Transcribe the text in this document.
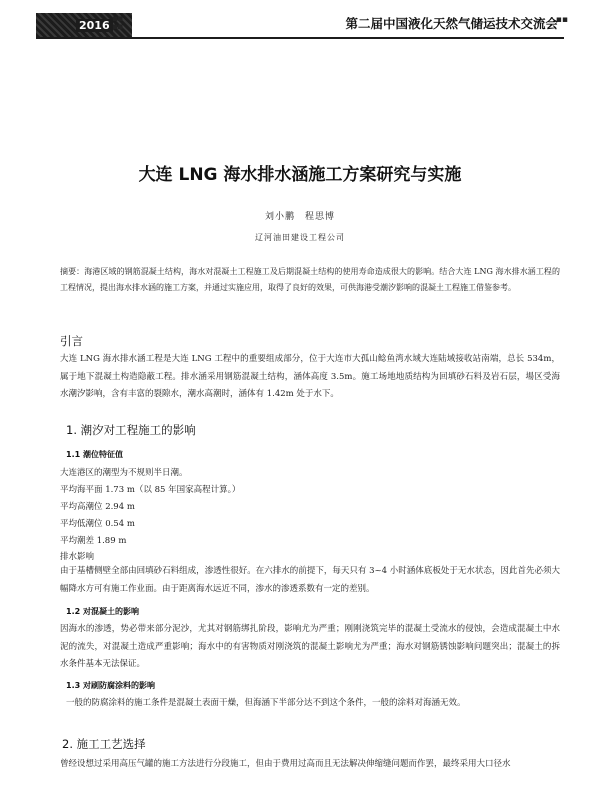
2016 ▪▪
▪▪	第二届中国液化天然气储运技术交流会
▪▪
大连 LNG 海水排水涵施工方案研究与实施
刘小鹏　程思博
辽河油田建设工程公司
摘要：海港区域的钢筋混凝土结构，海水对混凝土工程施工及后期混凝土结构的使用寿命造成很大的影响。结合大连 LNG 海水排水涵工程的工程情况，提出海水排水涵的施工方案，并通过实施应用，取得了良好的效果，可供海港受潮汐影响的混凝土工程施工借鉴参考。
引言
大连 LNG 海水排水涵工程是大连 LNG 工程中的重要组成部分，位于大连市大孤山鲶鱼湾水域大连陆域接收站南端，总长 534m，属于地下混凝土构造隐蔽工程。排水涵采用钢筋混凝土结构，涵体高度 3.5m。施工场地地质结构为回填砂石料及岩石层，場区受海水潮汐影响，含有丰富的裂隙水，潮水高潮时，涵体有 1.42m 处于水下。
1. 潮汐对工程施工的影响
1.1 潮位特征值
大连港区的潮型为不规则半日潮。
平均海平面 1.73 m（以 85 年国家高程计算。）
平均高潮位 2.94 m
平均低潮位 0.54 m
平均潮差 1.89 m
排水影响
由于基槽侧壁全部由回填砂石料组成，渗透性很好。在六排水的前提下，每天只有 3~4 小时涵体底板处于无水状态，因此首先必须大幅降水方可有施工作业面。由于距离海水远近不同，渗水的渗透系数有一定的差别。
1.2 对混凝土的影响
因海水的渗透，势必带来部分泥沙，尤其对钢筋绑扎阶段，影响尤为严重；刚刚浇筑完毕的混凝土受流水的侵蚀，会造成混凝土中水泥的流失，对混凝土造成严重影响；海水中的有害物质对刚浇筑的混凝土影响尤为严重；海水对钢筋锈蚀影响问题突出；混凝土的拆水条件基本无法保证。
1.3 对刷防腐涂料的影响
一般的防腐涂料的施工条件是混凝土表面干燥，但海涵下半部分达不到这个条件，一般的涂料对海涵无效。
2. 施工工艺选择
曾经设想过采用高压气罐的施工方法进行分段施工，但由于费用过高而且无法解决伸缩缝问题而作罢，最终采用大口径水
